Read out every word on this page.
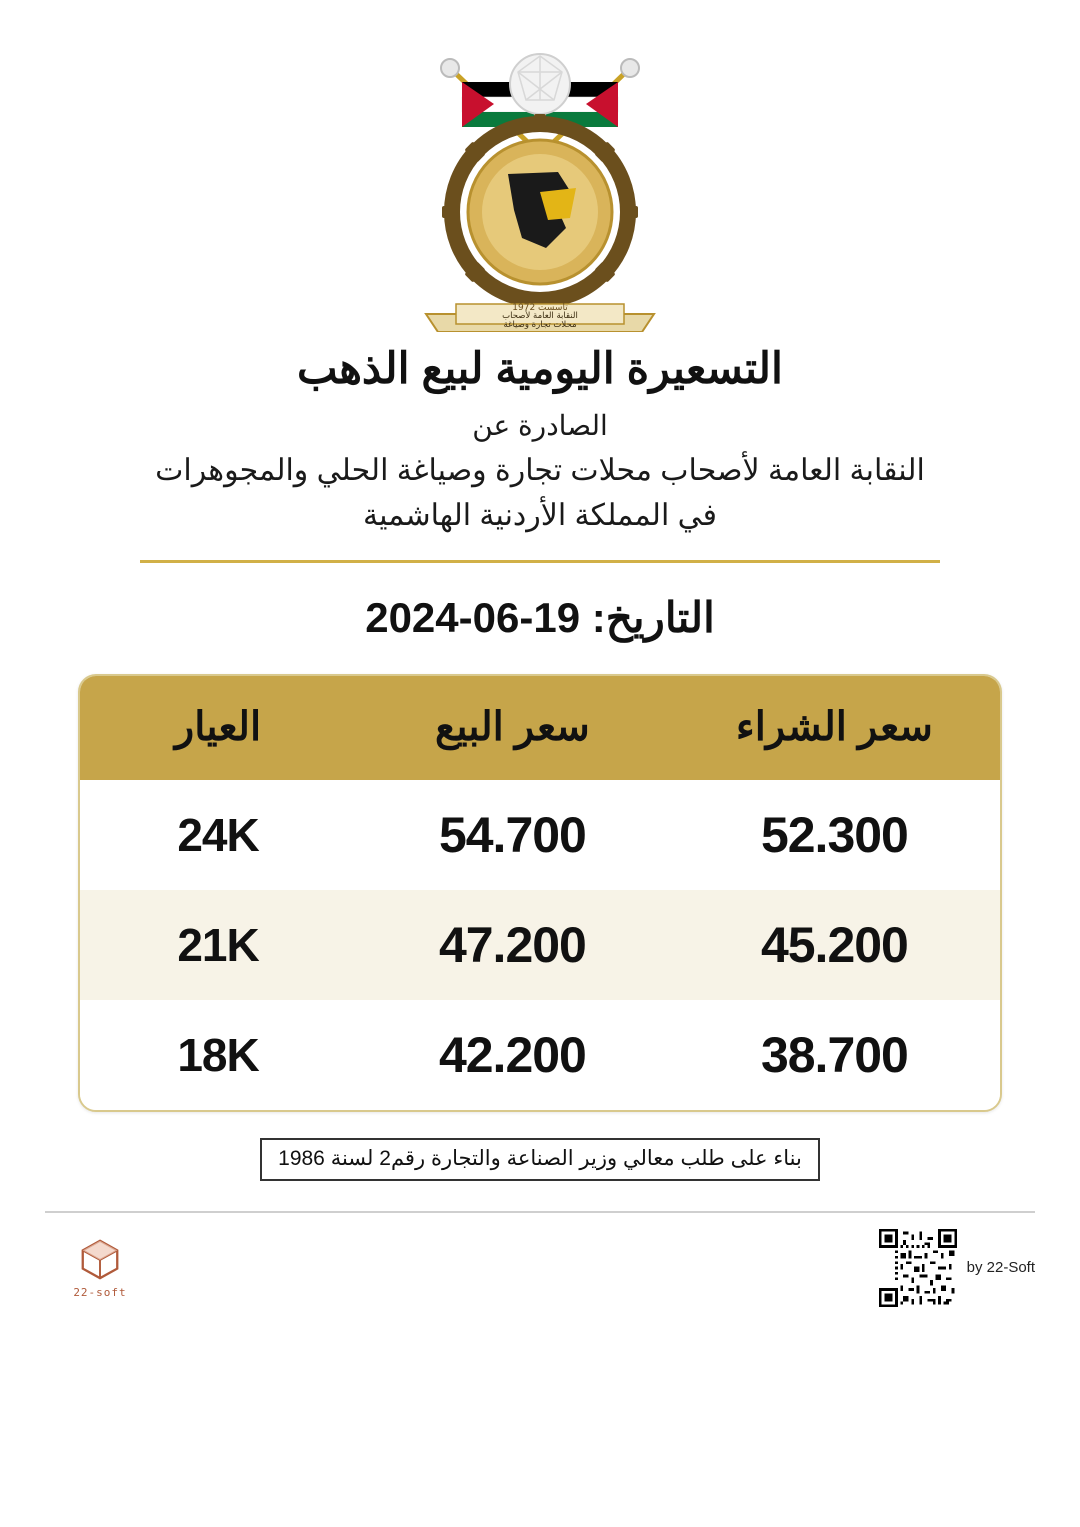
تأسست 1972
النقابة العامة لأصحاب
محلات تجارة وصياغة
التسعيرة اليومية لبيع الذهب
الصادرة عن
النقابة العامة لأصحاب محلات تجارة وصياغة الحلي والمجوهرات
في المملكة الأردنية الهاشمية
التاريخ: 19-06-2024
سعر الشراء	سعر البيع	العيار
52.300	54.700	24K
45.200	47.200	21K
38.700	42.200	18K
بناء على طلب معالي وزير الصناعة والتجارة رقم2 لسنة 1986
22-soft
by 22-Soft
